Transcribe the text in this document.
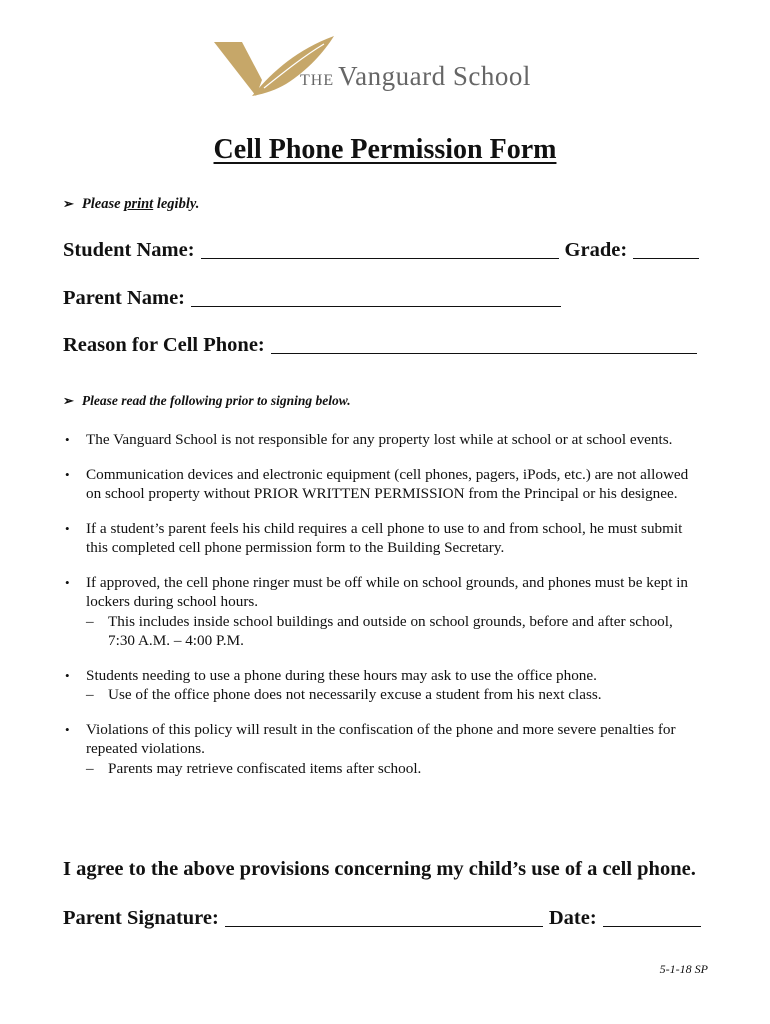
THE Vanguard School
Cell Phone Permission Form
➢ Please print legibly.
Student Name:	Grade:
Parent Name:
Reason for Cell Phone:
➢ Please read the following prior to signing below.
• The Vanguard School is not responsible for any property lost while at school or at school events.
• Communication devices and electronic equipment (cell phones, pagers, iPods, etc.) are not allowed on school property without PRIOR WRITTEN PERMISSION from the Principal or his designee.
• If a student’s parent feels his child requires a cell phone to use to and from school, he must submit this completed cell phone permission form to the Building Secretary.
• If approved, the cell phone ringer must be off while on school grounds, and phones must be kept in lockers during school hours.
– This includes inside school buildings and outside on school grounds, before and after school, 7:30 A.M. – 4:00 P.M.
• Students needing to use a phone during these hours may ask to use the office phone.
– Use of the office phone does not necessarily excuse a student from his next class.
• Violations of this policy will result in the confiscation of the phone and more severe penalties for repeated violations.
– Parents may retrieve confiscated items after school.
I agree to the above provisions concerning my child’s use of a cell phone.
Parent Signature:	Date:
5-1-18 SP
